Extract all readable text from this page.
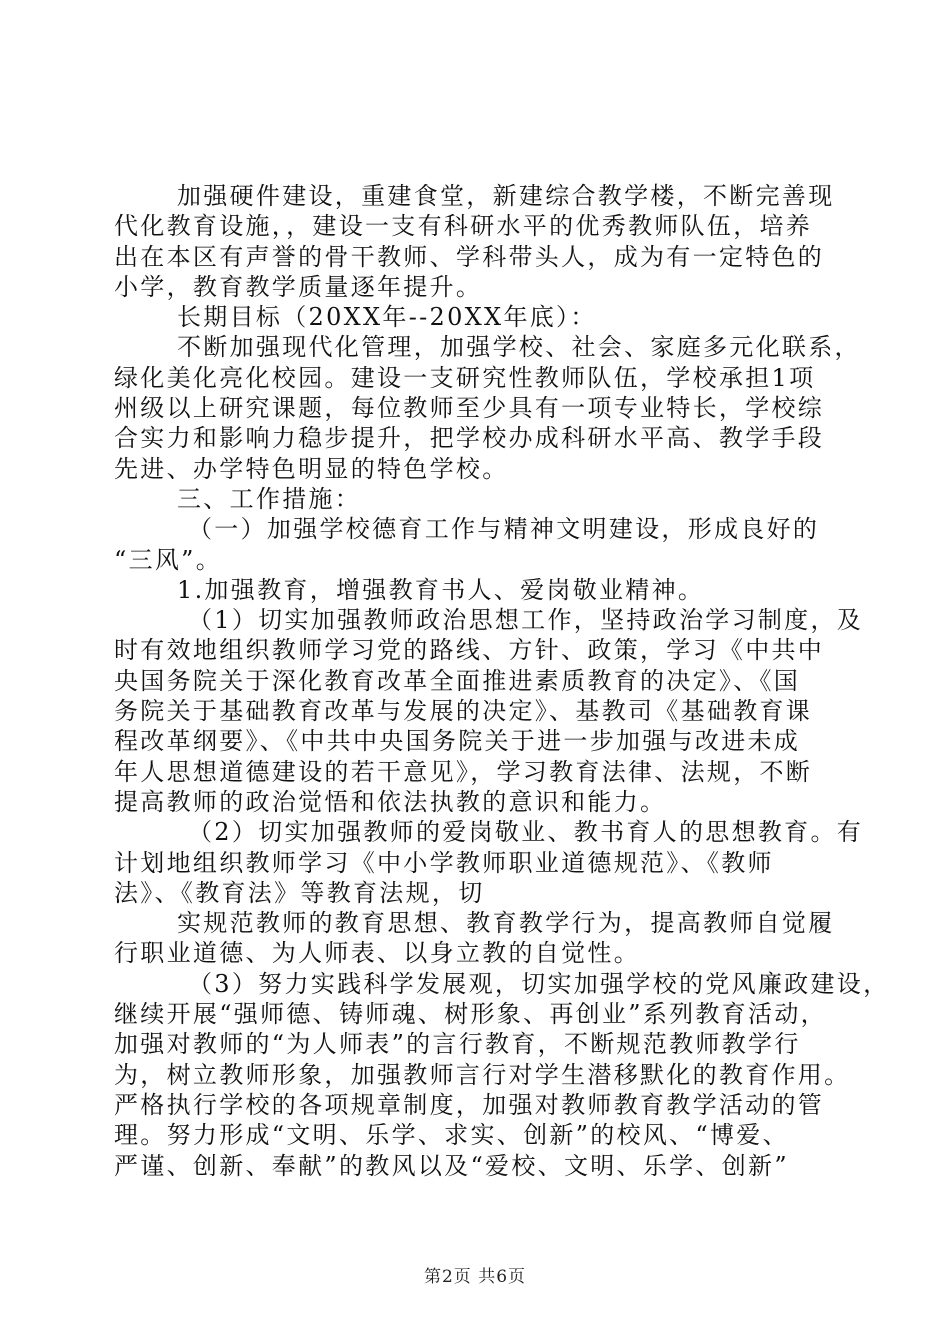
加强硬件建设，重建食堂，新建综合教学楼，不断完善现
代化教育设施，，建设一支有科研水平的优秀教师队伍，培养
出在本区有声誉的骨干教师、学科带头人，成为有一定特色的
小学，教育教学质量逐年提升。
长期目标（20XX年--20XX年底）：
不断加强现代化管理，加强学校、社会、家庭多元化联系，
绿化美化亮化校园。建设一支研究性教师队伍，学校承担1项
州级以上研究课题，每位教师至少具有一项专业特长，学校综
合实力和影响力稳步提升，把学校办成科研水平高、教学手段
先进、办学特色明显的特色学校。
三、工作措施：
（一）加强学校德育工作与精神文明建设，形成良好的
“三风”。
1.加强教育，增强教育书人、爱岗敬业精神。
（1）切实加强教师政治思想工作，坚持政治学习制度，及
时有效地组织教师学习党的路线、方针、政策，学习《中共中
央国务院关于深化教育改革全面推进素质教育的决定》、《国
务院关于基础教育改革与发展的决定》、基教司《基础教育课
程改革纲要》、《中共中央国务院关于进一步加强与改进未成
年人思想道德建设的若干意见》，学习教育法律、法规，不断
提高教师的政治觉悟和依法执教的意识和能力。
（2）切实加强教师的爱岗敬业、教书育人的思想教育。有
计划地组织教师学习《中小学教师职业道德规范》、《教师
法》、《教育法》等教育法规，切
实规范教师的教育思想、教育教学行为，提高教师自觉履
行职业道德、为人师表、以身立教的自觉性。
（3）努力实践科学发展观，切实加强学校的党风廉政建设，
继续开展“强师德、铸师魂、树形象、再创业”系列教育活动，
加强对教师的“为人师表”的言行教育，不断规范教师教学行
为，树立教师形象，加强教师言行对学生潜移默化的教育作用。
严格执行学校的各项规章制度，加强对教师教育教学活动的管
理。努力形成“文明、乐学、求实、创新”的校风、“博爱、
严谨、创新、奉献”的教风以及“爱校、文明、乐学、创新”
第2页 共6页
